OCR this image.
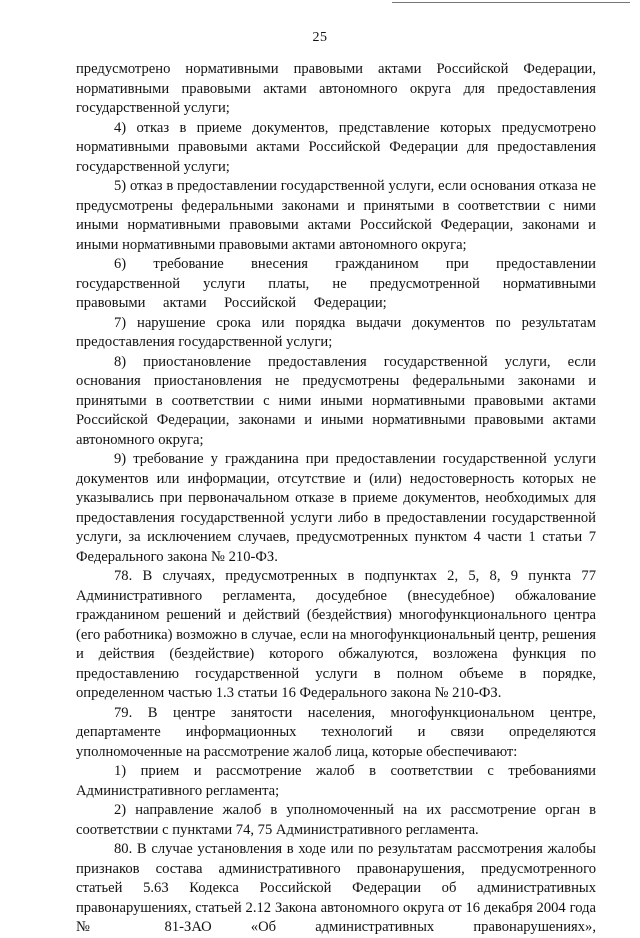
25

предусмотрено нормативными правовыми актами Российской Федерации, нормативными правовыми актами автономного округа для предоставления государственной услуги;

4) отказ в приеме документов, представление которых предусмотрено нормативными правовыми актами Российской Федерации для предоставления государственной услуги;

5) отказ в предоставлении государственной услуги, если основания отказа не предусмотрены федеральными законами и принятыми в соответствии с ними иными нормативными правовыми актами Российской Федерации, законами и иными нормативными правовыми актами автономного округа;

6) требование внесения гражданином при предоставлении государственной услуги платы, не предусмотренной нормативными правовыми актами Российской Федерации;

7) нарушение срока или порядка выдачи документов по результатам предоставления государственной услуги;

8) приостановление предоставления государственной услуги, если основания приостановления не предусмотрены федеральными законами и принятыми в соответствии с ними иными нормативными правовыми актами Российской Федерации, законами и иными нормативными правовыми актами автономного округа;

9) требование у гражданина при предоставлении государственной услуги документов или информации, отсутствие и (или) недостоверность которых не указывались при первоначальном отказе в приеме документов, необходимых для предоставления государственной услуги либо в предоставлении государственной услуги, за исключением случаев, предусмотренных пунктом 4 части 1 статьи 7 Федерального закона № 210-ФЗ.

78. В случаях, предусмотренных в подпунктах 2, 5, 8, 9 пункта 77 Административного регламента, досудебное (внесудебное) обжалование гражданином решений и действий (бездействия) многофункционального центра (его работника) возможно в случае, если на многофункциональный центр, решения и действия (бездействие) которого обжалуются, возложена функция по предоставлению государственной услуги в полном объеме в порядке, определенном частью 1.3 статьи 16 Федерального закона № 210-ФЗ.

79. В центре занятости населения, многофункциональном центре, департаменте информационных технологий и связи определяются уполномоченные на рассмотрение жалоб лица, которые обеспечивают:

1) прием и рассмотрение жалоб в соответствии с требованиями Административного регламента;

2) направление жалоб в уполномоченный на их рассмотрение орган в соответствии с пунктами 74, 75 Административного регламента.

80. В случае установления в ходе или по результатам рассмотрения жалобы признаков состава административного правонарушения, предусмотренного статьей 5.63 Кодекса Российской Федерации об административных правонарушениях, статьей 2.12 Закона автономного округа от 16 декабря 2004 года № 81-ЗАО «Об административных правонарушениях»,
